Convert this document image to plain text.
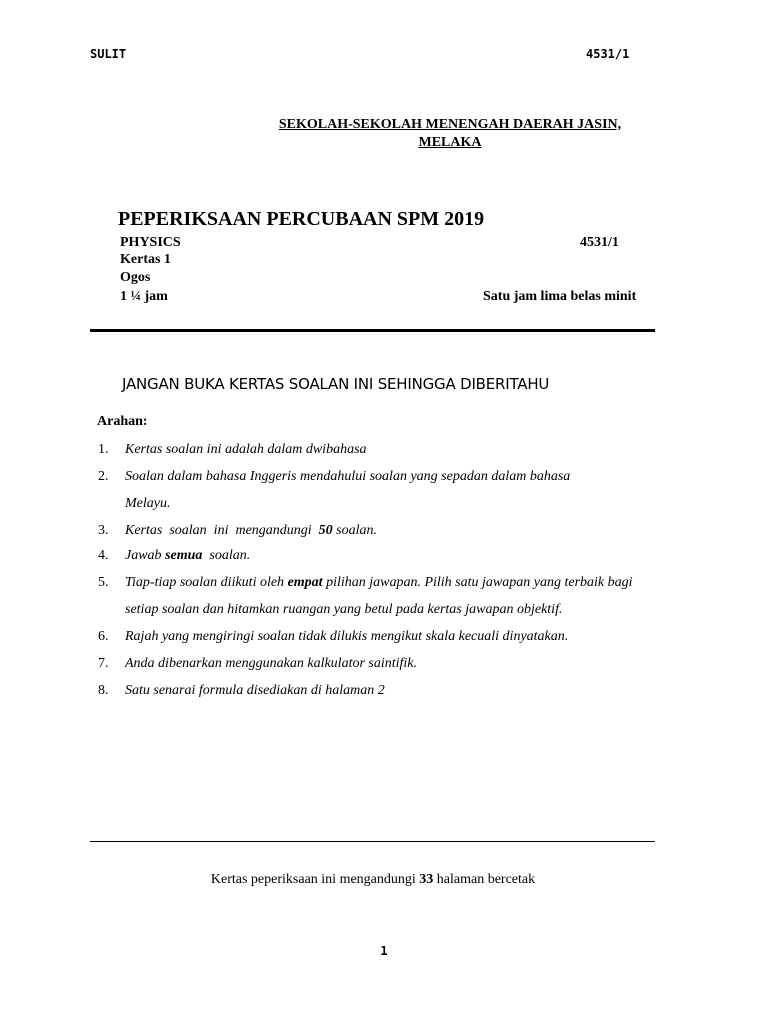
SULIT	4531/1
SEKOLAH-SEKOLAH MENENGAH DAERAH JASIN,
MELAKA
PEPERIKSAAN PERCUBAAN SPM 2019
PHYSICS	4531/1
Kertas 1
Ogos
1 ¼ jam	Satu jam lima belas minit
JANGAN BUKA KERTAS SOALAN INI SEHINGGA DIBERITAHU
Arahan:
1.	Kertas soalan ini adalah dalam dwibahasa
2.	Soalan dalam bahasa Inggeris mendahului soalan yang sepadan dalam bahasa Melayu.
3.	Kertas  soalan  ini  mengandungi  50 soalan.
4.	Jawab semua  soalan.
5.	Tiap-tiap soalan diikuti oleh empat pilihan jawapan. Pilih satu jawapan yang terbaik bagi setiap soalan dan hitamkan ruangan yang betul pada kertas jawapan objektif.
6.	Rajah yang mengiringi soalan tidak dilukis mengikut skala kecuali dinyatakan.
7.	Anda dibenarkan menggunakan kalkulator saintifik.
8.	Satu senarai formula disediakan di halaman 2
Kertas peperiksaan ini mengandungi 33 halaman bercetak
1
